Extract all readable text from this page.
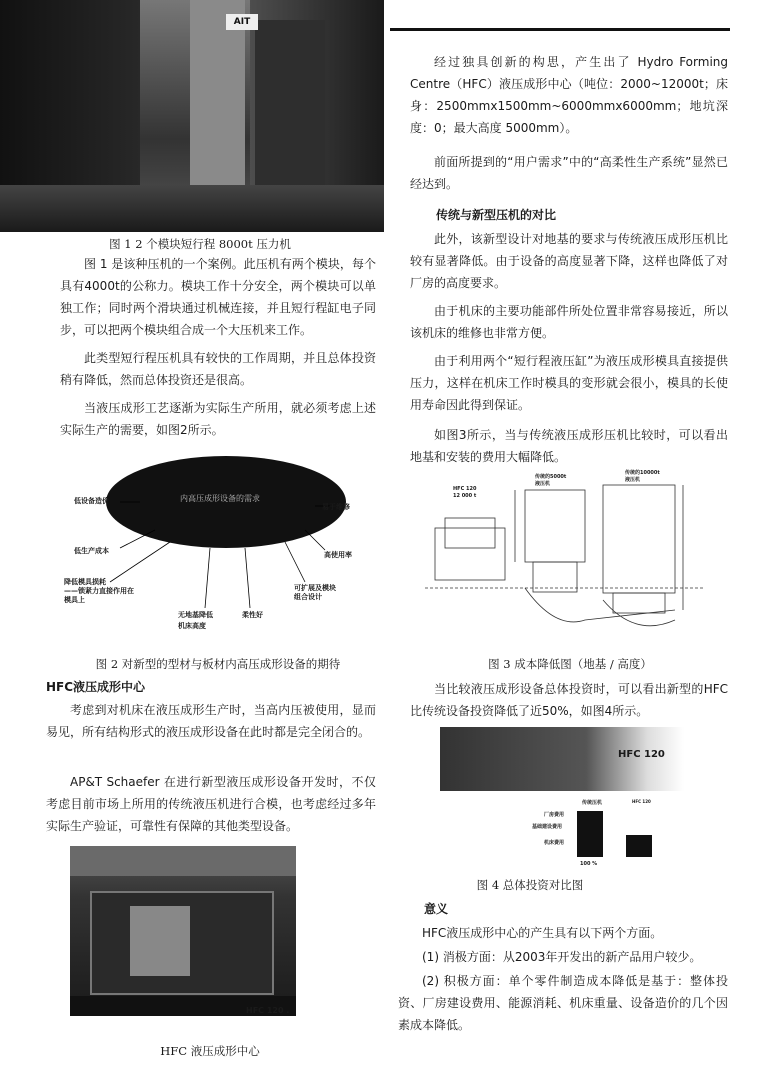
AIT
图 1 2 个模块短行程 8000t 压力机

图 1 是该种压机的一个案例。此压机有两个模块，每个具有4000t的公称力。模块工作十分安全，两个模块可以单独工作；同时两个滑块通过机械连接，并且短行程缸电子同步，可以把两个模块组合成一个大压机来工作。

此类型短行程压机具有较快的工作周期，并且总体投资稍有降低，然而总体投资还是很高。

当液压成形工艺逐渐为实际生产所用，就必须考虑上述实际生产的需要，如图2所示。

内高压成形设备的需求
低设备造价
易于维修
低生产成本	高使用率
降低模具损耗
——锁紧力直接作用在
模具上
可扩展及模块
组合设计
无地基降低
机床高度
柔性好
图 2 对新型的型材与板材内高压成形设备的期待
HFC液压成形中心

考虑到对机床在液压成形生产时，当高内压被使用，显而易见，所有结构形式的液压成形设备在此时都是完全闭合的。

AP&T Schaefer 在进行新型液压成形设备开发时，不仅考虑目前市场上所用的传统液压机进行合模，也考虑经过多年实际生产验证，可靠性有保障的其他类型设备。

HFC 120 .
HFC 液压成形中心

经过独具创新的构思，产生出了 Hydro Forming Centre（HFC）液压成形中心（吨位：2000~12000t；床身：2500mmx1500mm~6000mmx6000mm；地坑深度：0；最大高度 5000mm）。

前面所提到的“用户需求”中的“高柔性生产系统”显然已经达到。

传统与新型压机的对比

此外，该新型设计对地基的要求与传统液压成形压机比较有显著降低。由于设备的高度显著下降，这样也降低了对厂房的高度要求。

由于机床的主要功能部件所处位置非常容易接近，所以该机床的维修也非常方便。

由于利用两个“短行程液压缸”为液压成形模具直接提供压力，这样在机床工作时模具的变形就会很小，模具的长使用寿命因此得到保证。

如图3所示，当与传统液压成形压机比较时，可以看出地基和安装的费用大幅降低。

HFC 120
12 000 t
传统的5000t
液压机
传统的10000t
液压机
图 3 成本降低图（地基 / 高度）

当比较液压成形设备总体投资时，可以看出新型的HFC比传统设备投资降低了近50%，如图4所示。

HFC 120
传统压机	HFC 120
厂房费用
基础建设费用
机床费用
100 %
图 4 总体投资对比图
意义

HFC液压成形中心的产生具有以下两个方面。

(1) 消极方面：从2003年开发出的新产品用户较少。

(2) 积极方面：单个零件制造成本降低是基于：整体投资、厂房建设费用、能源消耗、机床重量、设备造价的几个因素成本降低。
